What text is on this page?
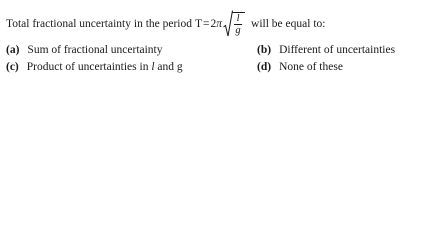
Total fractional uncertainty in the period T = 2 π $\frac{l}{g}$ will be equal to:
(a) Sum of fractional uncertainty	(b) Different of uncertainties
(c) Product of uncertainties in l and g	(d) None of these
